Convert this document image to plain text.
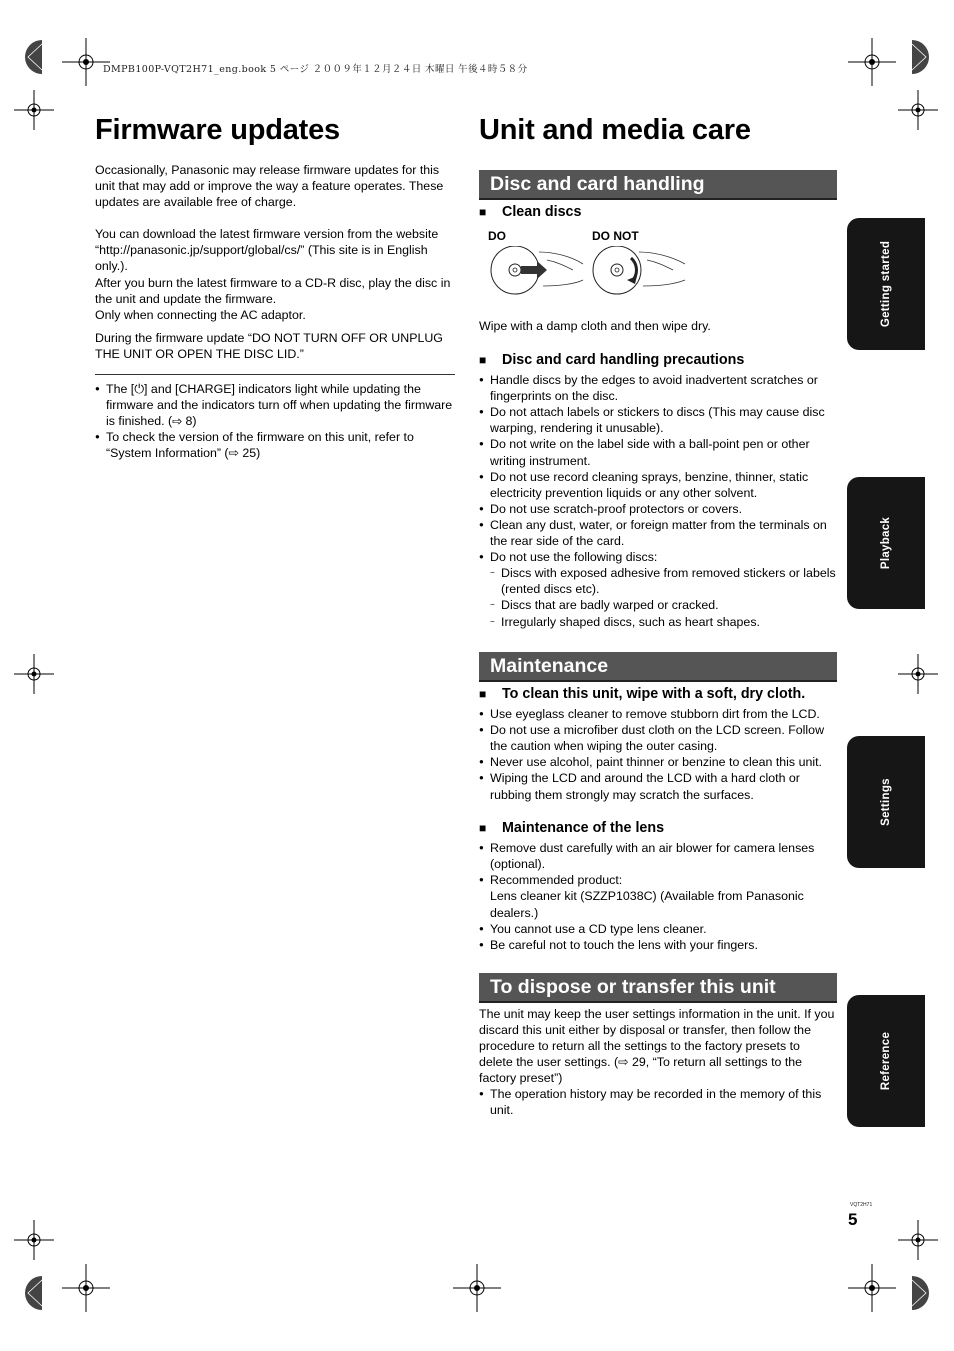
DMPB100P-VQT2H71_eng.book 5 ページ ２００９年１２月２４日 木曜日 午後４時５８分
Firmware updates	Unit and media care

Occasionally, Panasonic may release firmware updates for this unit that may add or improve the way a feature operates. These updates are available free of charge.

You can download the latest firmware version from the website “http://panasonic.jp/support/global/cs/” (This site is in English only.).

After you burn the latest firmware to a CD-R disc, play the disc in the unit and update the firmware.

Only when connecting the AC adaptor.

During the firmware update “DO NOT TURN OFF OR UNPLUG THE UNIT OR OPEN THE DISC LID.”

● The [⏻] and [CHARGE] indicators light while updating the firmware and the indicators turn off when updating the firmware is finished. (⇨ 8)
● To check the version of the firmware on this unit, refer to “System Information” (⇨ 25)
Disc and card handling
■ Clean discs
DO	DO NOT

Wipe with a damp cloth and then wipe dry.

■ Disc and card handling precautions
● Handle discs by the edges to avoid inadvertent scratches or fingerprints on the disc.
● Do not attach labels or stickers to discs (This may cause disc warping, rendering it unusable).
● Do not write on the label side with a ball-point pen or other writing instrument.
● Do not use record cleaning sprays, benzine, thinner, static electricity prevention liquids or any other solvent.
● Do not use scratch-proof protectors or covers.
● Clean any dust, water, or foreign matter from the terminals on the rear side of the card.
● Do not use the following discs:
− Discs with exposed adhesive from removed stickers or labels (rented discs etc).
− Discs that are badly warped or cracked.
− Irregularly shaped discs, such as heart shapes.
Maintenance
■ To clean this unit, wipe with a soft, dry cloth.
● Use eyeglass cleaner to remove stubborn dirt from the LCD.
● Do not use a microfiber dust cloth on the LCD screen. Follow the caution when wiping the outer casing.
● Never use alcohol, paint thinner or benzine to clean this unit.
● Wiping the LCD and around the LCD with a hard cloth or rubbing them strongly may scratch the surfaces.
■ Maintenance of the lens
● Remove dust carefully with an air blower for camera lenses (optional).
● Recommended product:
Lens cleaner kit (SZZP1038C) (Available from Panasonic dealers.)
● You cannot use a CD type lens cleaner.
● Be careful not to touch the lens with your fingers.
To dispose or transfer this unit

The unit may keep the user settings information in the unit. If you discard this unit either by disposal or transfer, then follow the procedure to return all the settings to the factory presets to delete the user settings. (⇨ 29, “To return all settings to the factory preset”)

● The operation history may be recorded in the memory of this unit.
Getting started
Playback
Settings
Reference
VQT2H71
5
